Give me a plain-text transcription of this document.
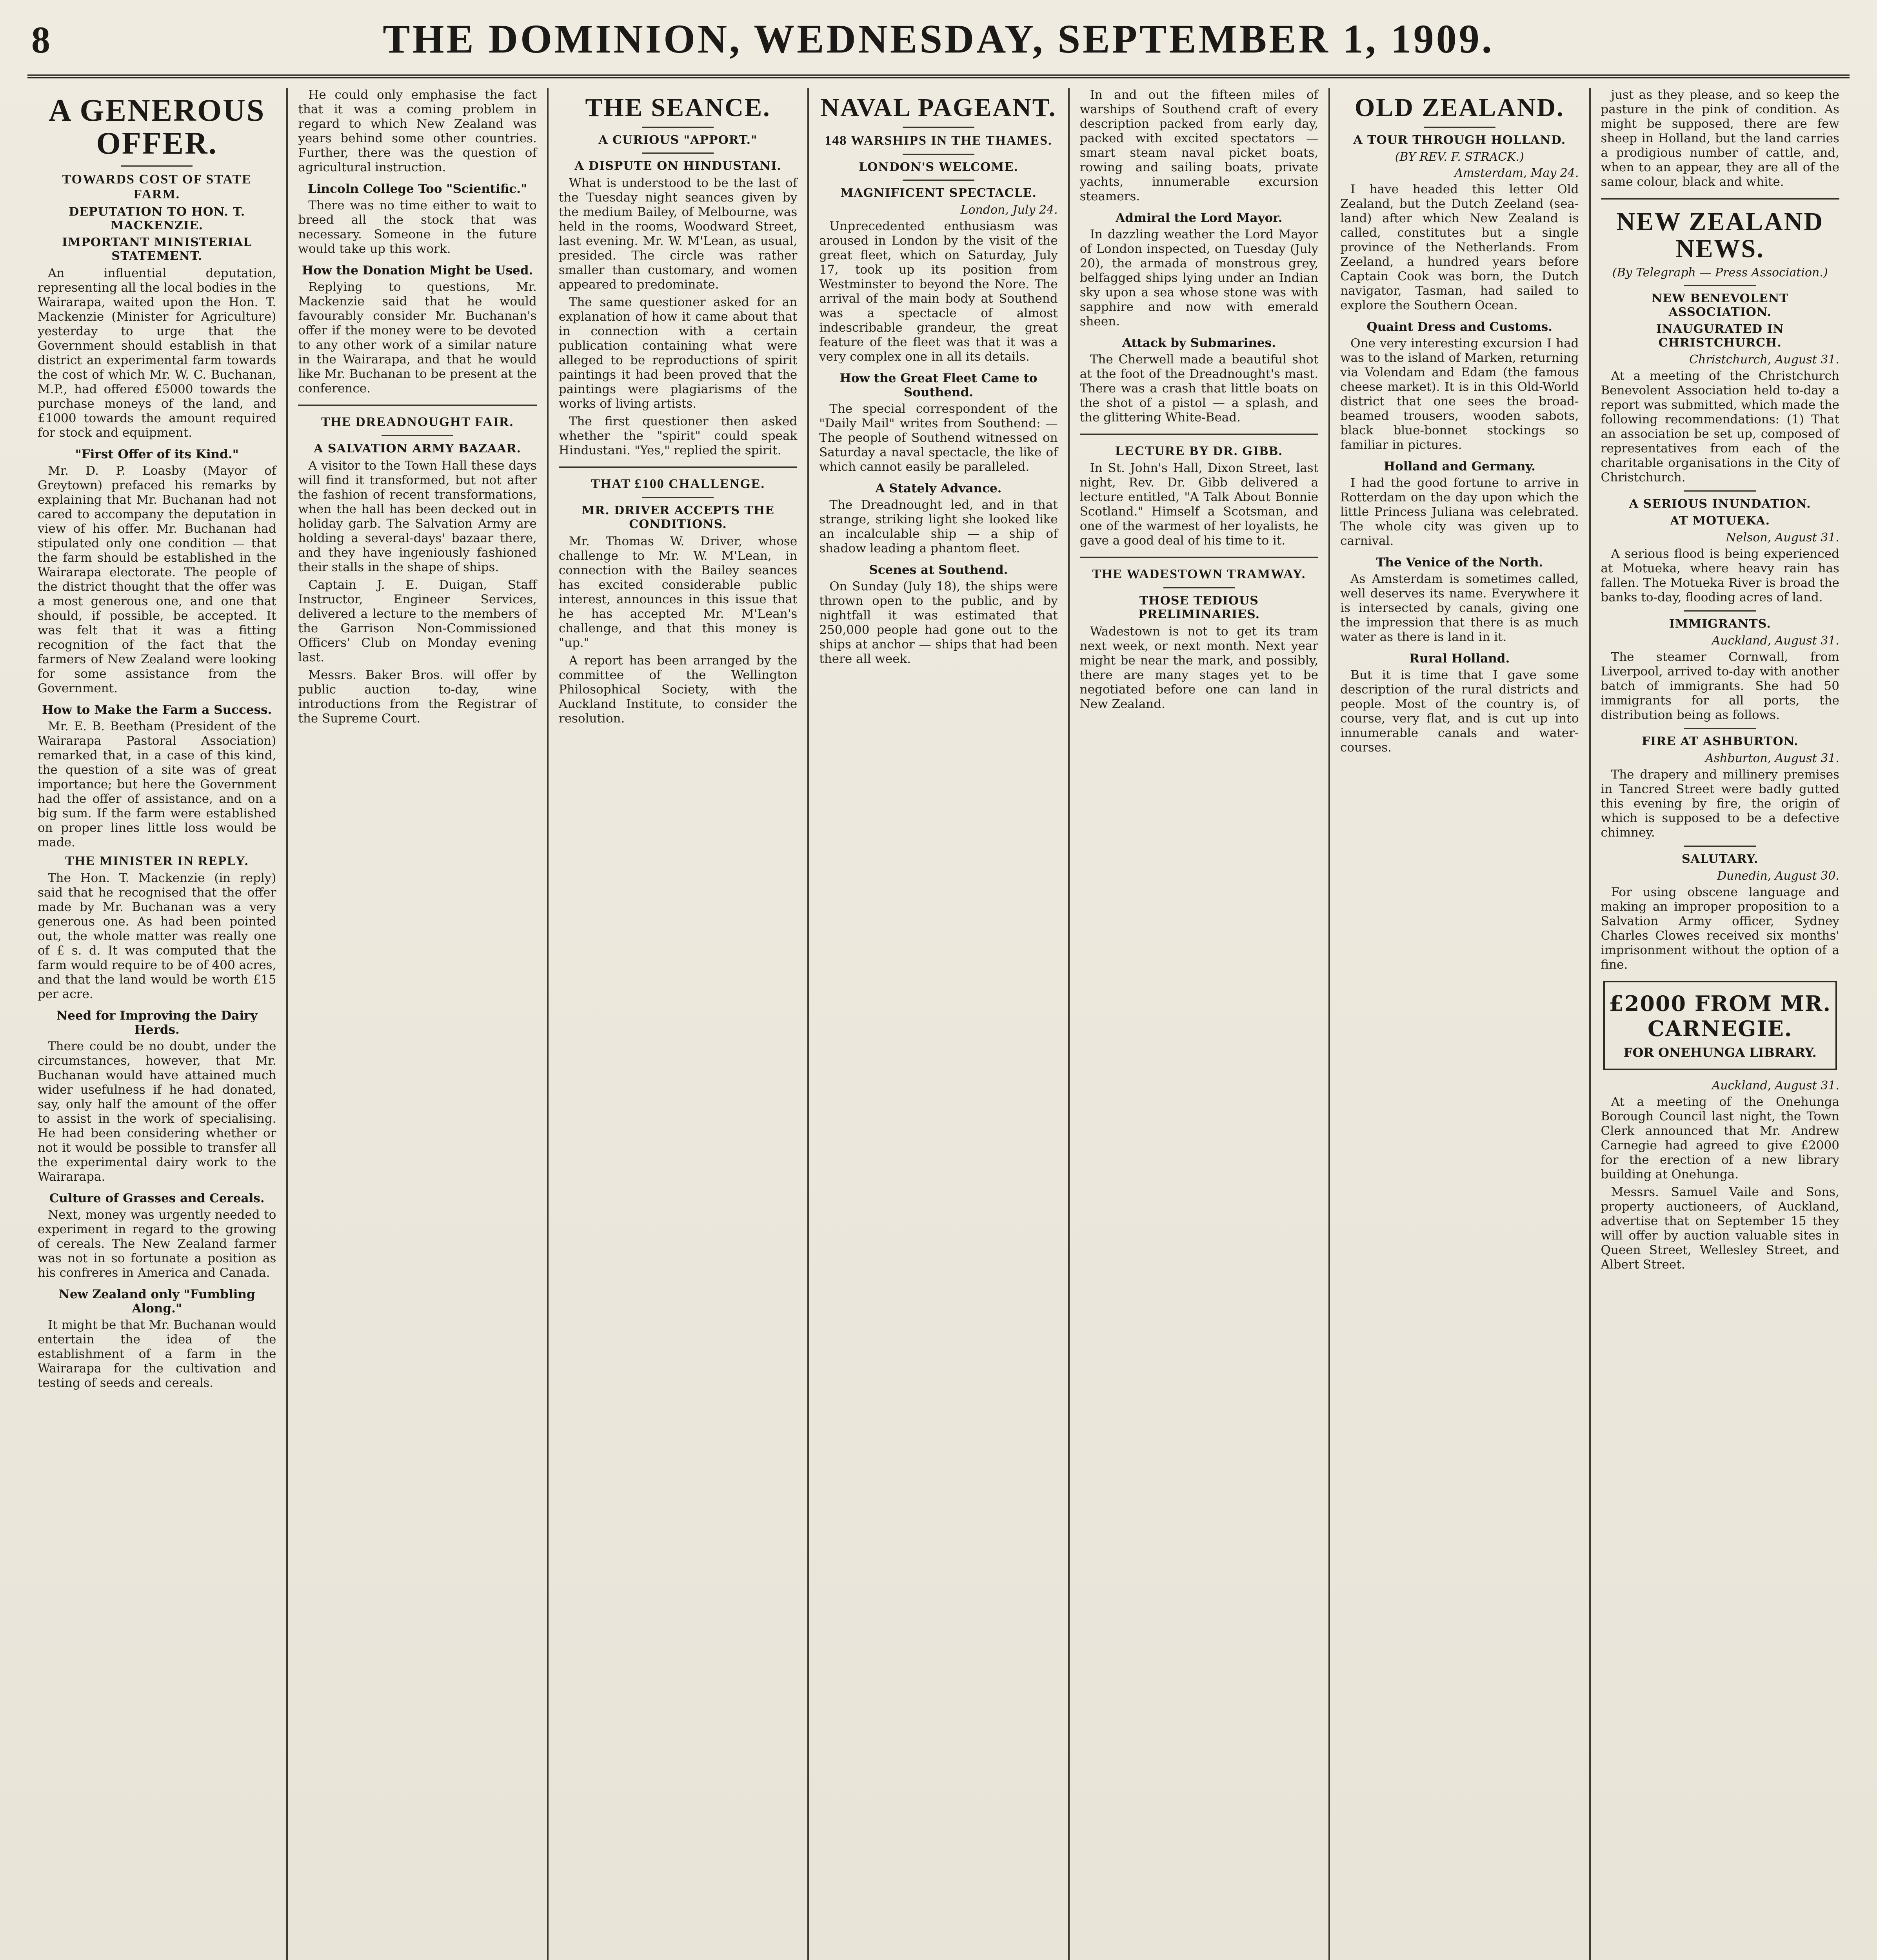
8	THE DOMINION, WEDNESDAY, SEPTEMBER 1, 1909.
A GENEROUS OFFER.
TOWARDS COST OF STATE FARM.
DEPUTATION TO HON. T. MACKENZIE.
IMPORTANT MINISTERIAL STATEMENT.

An influential deputation, representing all the local bodies in the Wairarapa, waited upon the Hon. T. Mackenzie (Minister for Agriculture) yesterday to urge that the Government should establish in that district an experimental farm towards the cost of which Mr. W. C. Buchanan, M.P., had offered £5000 towards the purchase moneys of the land, and £1000 towards the amount required for stock and equipment.

"First Offer of its Kind."

Mr. D. P. Loasby (Mayor of Greytown) prefaced his remarks by explaining that Mr. Buchanan had not cared to accompany the deputation in view of his offer. Mr. Buchanan had stipulated only one condition — that the farm should be established in the Wairarapa electorate. The people of the district thought that the offer was a most generous one, and one that should, if possible, be accepted. It was felt that it was a fitting recognition of the fact that the farmers of New Zealand were looking for some assistance from the Government.

How to Make the Farm a Success.

Mr. E. B. Beetham (President of the Wairarapa Pastoral Association) remarked that, in a case of this kind, the question of a site was of great importance; but here the Government had the offer of assistance, and on a big sum. If the farm were established on proper lines little loss would be made.

THE MINISTER IN REPLY.

The Hon. T. Mackenzie (in reply) said that he recognised that the offer made by Mr. Buchanan was a very generous one. As had been pointed out, the whole matter was really one of £ s. d. It was computed that the farm would require to be of 400 acres, and that the land would be worth £15 per acre.

Need for Improving the Dairy Herds.

There could be no doubt, under the circumstances, however, that Mr. Buchanan would have attained much wider usefulness if he had donated, say, only half the amount of the offer to assist in the work of specialising. He had been considering whether or not it would be possible to transfer all the experimental dairy work to the Wairarapa.

Culture of Grasses and Cereals.

Next, money was urgently needed to experiment in regard to the growing of cereals. The New Zealand farmer was not in so fortunate a position as his confreres in America and Canada.

New Zealand only "Fumbling Along."

It might be that Mr. Buchanan would entertain the idea of the establishment of a farm in the Wairarapa for the cultivation and testing of seeds and cereals.

He could only emphasise the fact that it was a coming problem in regard to which New Zealand was years behind some other countries. Further, there was the question of agricultural instruction.

Lincoln College Too "Scientific."

There was no time either to wait to breed all the stock that was necessary. Someone in the future would take up this work.

How the Donation Might be Used.

Replying to questions, Mr. Mackenzie said that he would favourably consider Mr. Buchanan's offer if the money were to be devoted to any other work of a similar nature in the Wairarapa, and that he would like Mr. Buchanan to be present at the conference.

THE DREADNOUGHT FAIR.
A SALVATION ARMY BAZAAR.

A visitor to the Town Hall these days will find it transformed, but not after the fashion of recent transformations, when the hall has been decked out in holiday garb. The Salvation Army are holding a several-days' bazaar there, and they have ingeniously fashioned their stalls in the shape of ships.

Captain J. E. Duigan, Staff Instructor, Engineer Services, delivered a lecture to the members of the Garrison Non-Commissioned Officers' Club on Monday evening last.

Messrs. Baker Bros. will offer by public auction to-day, wine introductions from the Registrar of the Supreme Court.

THE SEANCE.
A CURIOUS "APPORT."
A DISPUTE ON HINDUSTANI.

What is understood to be the last of the Tuesday night seances given by the medium Bailey, of Melbourne, was held in the rooms, Woodward Street, last evening. Mr. W. M'Lean, as usual, presided. The circle was rather smaller than customary, and women appeared to predominate.

The same questioner asked for an explanation of how it came about that in connection with a certain publication containing what were alleged to be reproductions of spirit paintings it had been proved that the paintings were plagiarisms of the works of living artists.

The first questioner then asked whether the "spirit" could speak Hindustani. "Yes," replied the spirit.

THAT £100 CHALLENGE.
MR. DRIVER ACCEPTS THE CONDITIONS.

Mr. Thomas W. Driver, whose challenge to Mr. W. M'Lean, in connection with the Bailey seances has excited considerable public interest, announces in this issue that he has accepted Mr. M'Lean's challenge, and that this money is "up."

A report has been arranged by the committee of the Wellington Philosophical Society, with the Auckland Institute, to consider the resolution.

NAVAL PAGEANT.
148 WARSHIPS IN THE THAMES.
LONDON'S WELCOME.
MAGNIFICENT SPECTACLE.
London, July 24.

Unprecedented enthusiasm was aroused in London by the visit of the great fleet, which on Saturday, July 17, took up its position from Westminster to beyond the Nore. The arrival of the main body at Southend was a spectacle of almost indescribable grandeur, the great feature of the fleet was that it was a very complex one in all its details.

How the Great Fleet Came to Southend.

The special correspondent of the "Daily Mail" writes from Southend: — The people of Southend witnessed on Saturday a naval spectacle, the like of which cannot easily be paralleled.

A Stately Advance.

The Dreadnought led, and in that strange, striking light she looked like an incalculable ship — a ship of shadow leading a phantom fleet.

Scenes at Southend.

On Sunday (July 18), the ships were thrown open to the public, and by nightfall it was estimated that 250,000 people had gone out to the ships at anchor — ships that had been there all week.

In and out the fifteen miles of warships of Southend craft of every description packed from early day, packed with excited spectators — smart steam naval picket boats, rowing and sailing boats, private yachts, innumerable excursion steamers.

Admiral the Lord Mayor.

In dazzling weather the Lord Mayor of London inspected, on Tuesday (July 20), the armada of monstrous grey, belfagged ships lying under an Indian sky upon a sea whose stone was with sapphire and now with emerald sheen.

Attack by Submarines.

The Cherwell made a beautiful shot at the foot of the Dreadnought's mast. There was a crash that little boats on the shot of a pistol — a splash, and the glittering White-Bead.

LECTURE BY DR. GIBB.

In St. John's Hall, Dixon Street, last night, Rev. Dr. Gibb delivered a lecture entitled, "A Talk About Bonnie Scotland." Himself a Scotsman, and one of the warmest of her loyalists, he gave a good deal of his time to it.

THE WADESTOWN TRAMWAY.
THOSE TEDIOUS PRELIMINARIES.

Wadestown is not to get its tram next week, or next month. Next year might be near the mark, and possibly, there are many stages yet to be negotiated before one can land in New Zealand.

OLD ZEALAND.
A TOUR THROUGH HOLLAND.
(BY REV. F. STRACK.)
Amsterdam, May 24.

I have headed this letter Old Zealand, but the Dutch Zeeland (sea-land) after which New Zealand is called, constitutes but a single province of the Netherlands. From Zeeland, a hundred years before Captain Cook was born, the Dutch navigator, Tasman, had sailed to explore the Southern Ocean.

Quaint Dress and Customs.

One very interesting excursion I had was to the island of Marken, returning via Volendam and Edam (the famous cheese market). It is in this Old-World district that one sees the broad-beamed trousers, wooden sabots, black blue-bonnet stockings so familiar in pictures.

Holland and Germany.

I had the good fortune to arrive in Rotterdam on the day upon which the little Princess Juliana was celebrated. The whole city was given up to carnival.

The Venice of the North.

As Amsterdam is sometimes called, well deserves its name. Everywhere it is intersected by canals, giving one the impression that there is as much water as there is land in it.

Rural Holland.

But it is time that I gave some description of the rural districts and people. Most of the country is, of course, very flat, and is cut up into innumerable canals and water-courses.

just as they please, and so keep the pasture in the pink of condition. As might be supposed, there are few sheep in Holland, but the land carries a prodigious number of cattle, and, when to an appear, they are all of the same colour, black and white.

NEW ZEALAND NEWS.
(By Telegraph — Press Association.)
NEW BENEVOLENT ASSOCIATION.
INAUGURATED IN CHRISTCHURCH.
Christchurch, August 31.

At a meeting of the Christchurch Benevolent Association held to-day a report was submitted, which made the following recommendations: (1) That an association be set up, composed of representatives from each of the charitable organisations in the City of Christchurch.

A SERIOUS INUNDATION.
AT MOTUEKA.
Nelson, August 31.

A serious flood is being experienced at Motueka, where heavy rain has fallen. The Motueka River is broad the banks to-day, flooding acres of land.

IMMIGRANTS.
Auckland, August 31.

The steamer Cornwall, from Liverpool, arrived to-day with another batch of immigrants. She had 50 immigrants for all ports, the distribution being as follows.

FIRE AT ASHBURTON.
Ashburton, August 31.

The drapery and millinery premises in Tancred Street were badly gutted this evening by fire, the origin of which is supposed to be a defective chimney.

SALUTARY.
Dunedin, August 30.

For using obscene language and making an improper proposition to a Salvation Army officer, Sydney Charles Clowes received six months' imprisonment without the option of a fine.

£2000 FROM MR. CARNEGIE.
FOR ONEHUNGA LIBRARY.
Auckland, August 31.

At a meeting of the Onehunga Borough Council last night, the Town Clerk announced that Mr. Andrew Carnegie had agreed to give £2000 for the erection of a new library building at Onehunga.

Messrs. Samuel Vaile and Sons, property auctioneers, of Auckland, advertise that on September 15 they will offer by auction valuable sites in Queen Street, Wellesley Street, and Albert Street.
